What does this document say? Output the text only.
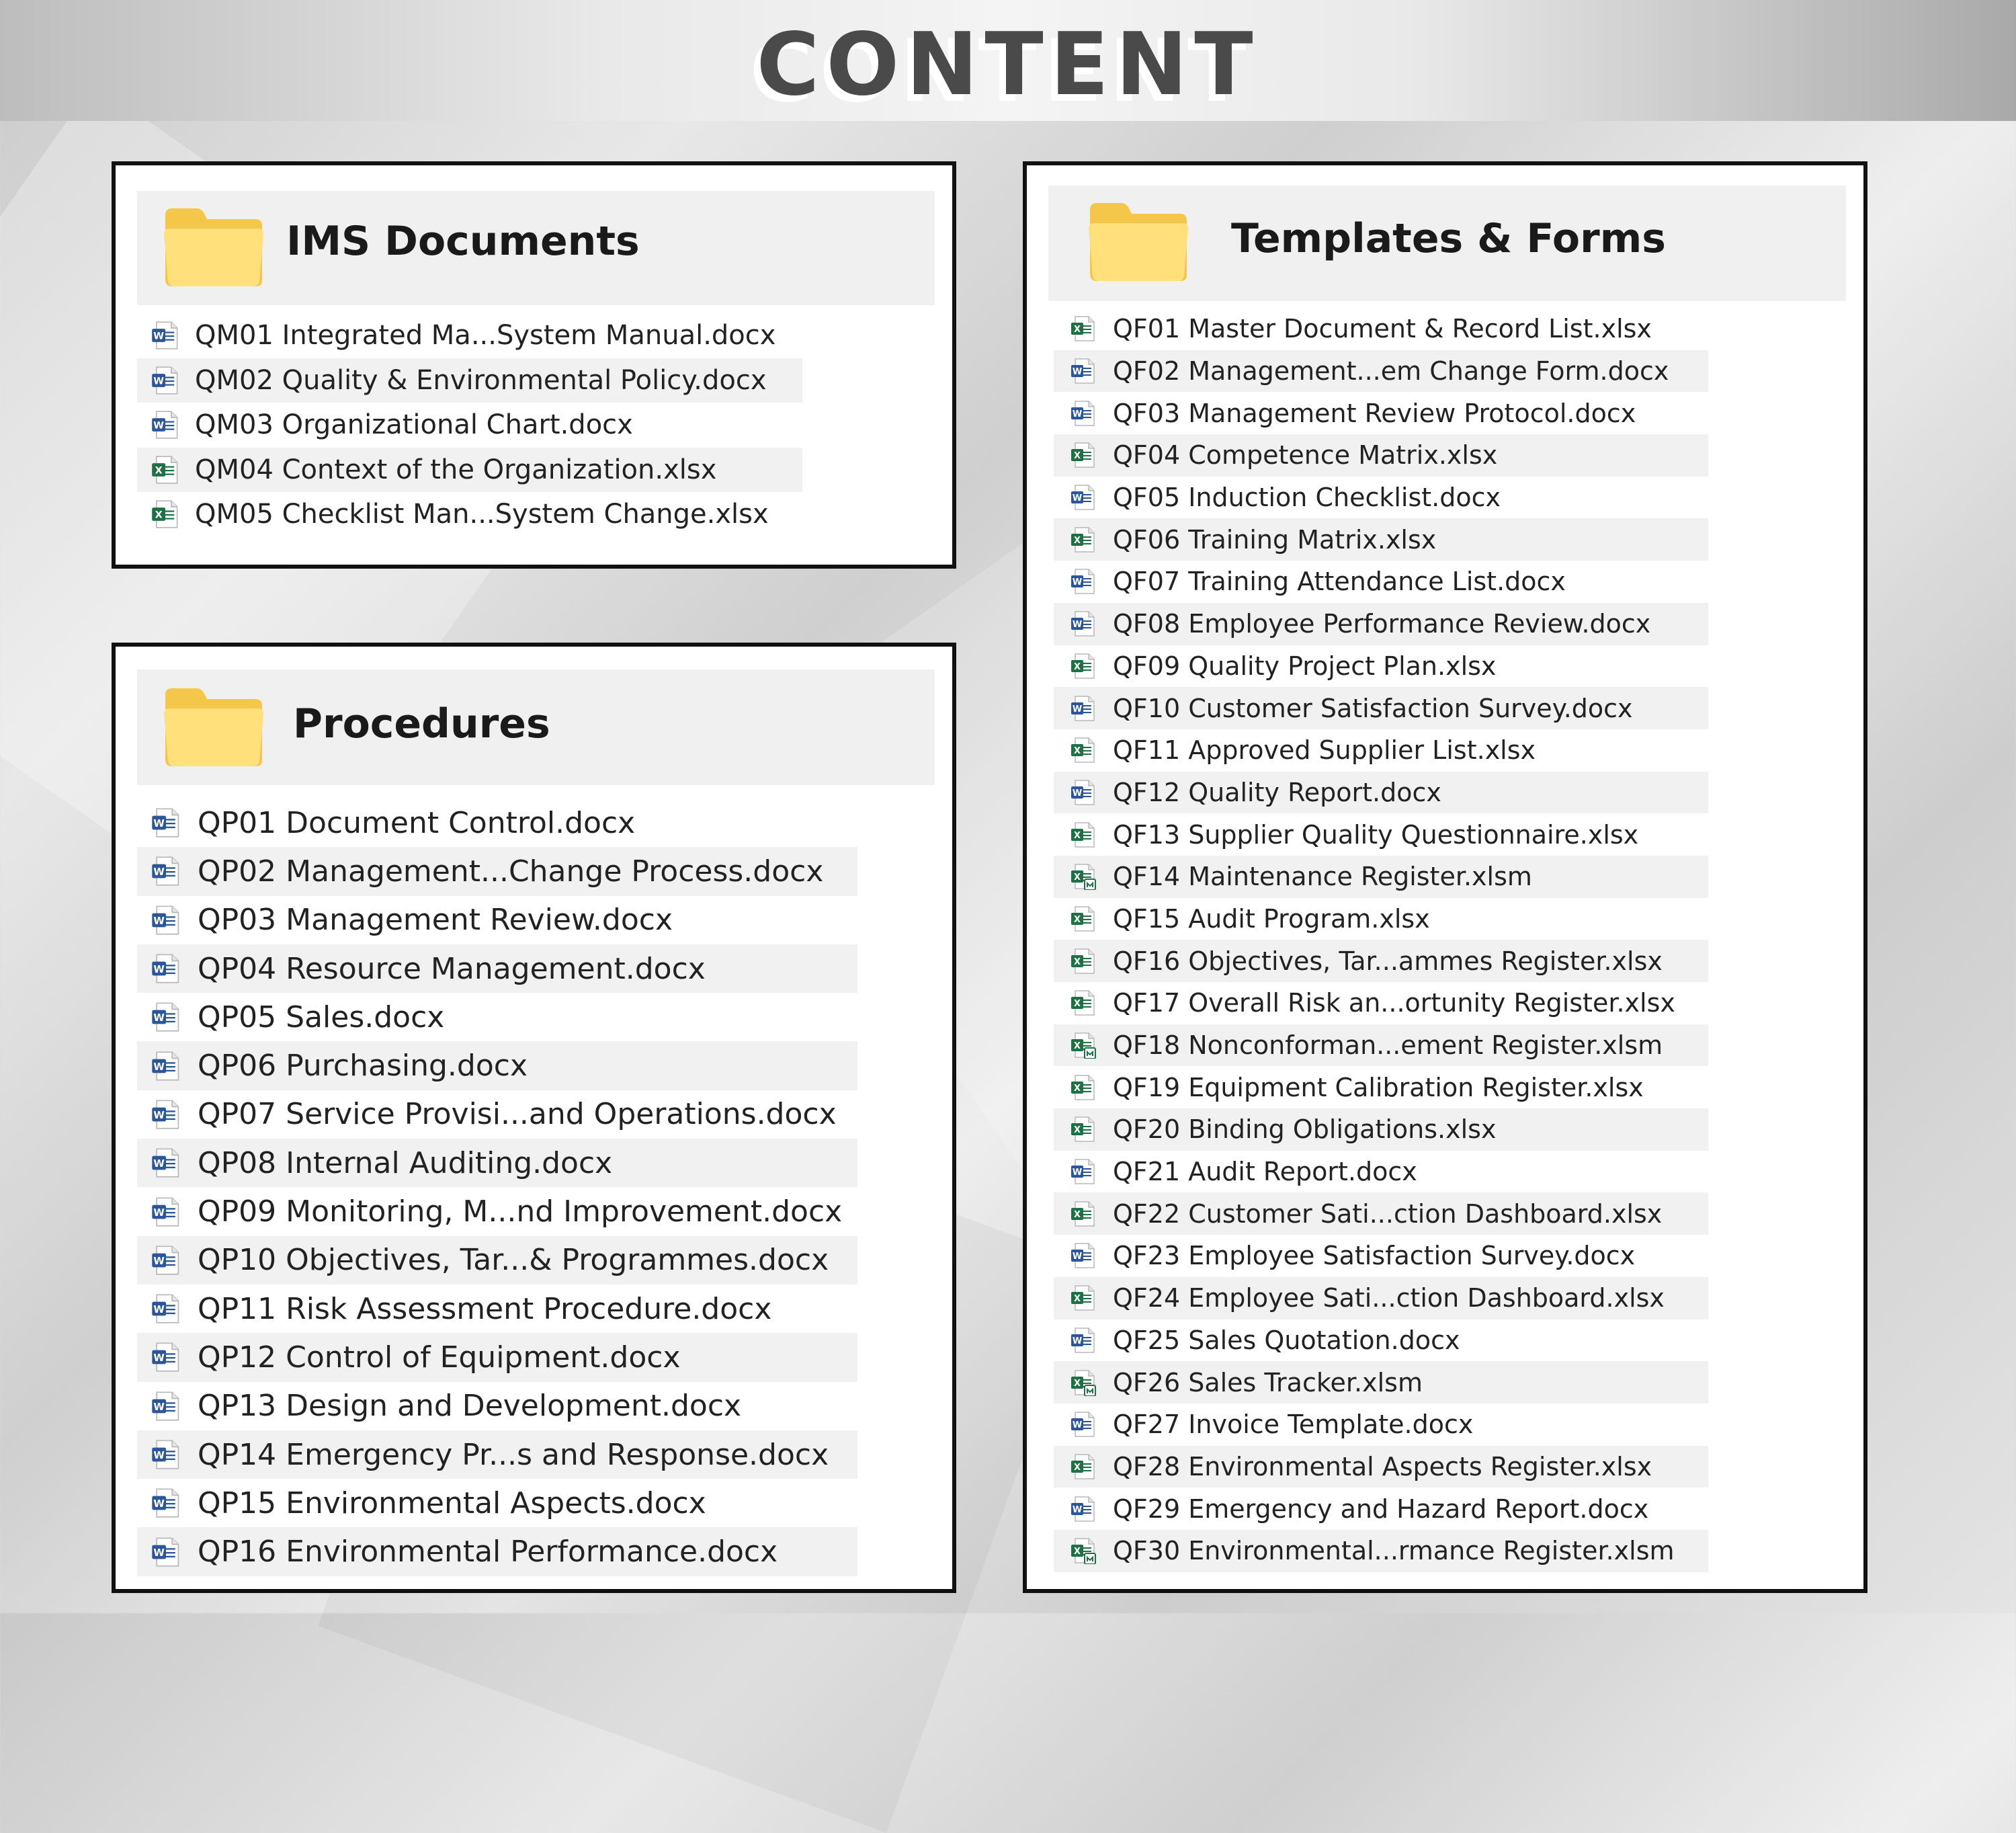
CONTENT
IMS Documents
W QM01 Integrated Ma...System Manual.docx
W QM02 Quality & Environmental Policy.docx
W QM03 Organizational Chart.docx
X QM04 Context of the Organization.xlsx
X QM05 Checklist Man...System Change.xlsx
Procedures
W QP01 Document Control.docx
W QP02 Management...Change Process.docx
W QP03 Management Review.docx
W QP04 Resource Management.docx
W QP05 Sales.docx
W QP06 Purchasing.docx
W QP07 Service Provisi...and Operations.docx
W QP08 Internal Auditing.docx
W QP09 Monitoring, M...nd Improvement.docx
W QP10 Objectives, Tar...& Programmes.docx
W QP11 Risk Assessment Procedure.docx
W QP12 Control of Equipment.docx
W QP13 Design and Development.docx
W QP14 Emergency Pr...s and Response.docx
W QP15 Environmental Aspects.docx
W QP16 Environmental Performance.docx
Templates & Forms
X QF01 Master Document & Record List.xlsx
W QF02 Management...em Change Form.docx
W QF03 Management Review Protocol.docx
X QF04 Competence Matrix.xlsx
W QF05 Induction Checklist.docx
X QF06 Training Matrix.xlsx
W QF07 Training Attendance List.docx
W QF08 Employee Performance Review.docx
X QF09 Quality Project Plan.xlsx
W QF10 Customer Satisfaction Survey.docx
X QF11 Approved Supplier List.xlsx
W QF12 Quality Report.docx
X QF13 Supplier Quality Questionnaire.xlsx
X QF14 Maintenance Register.xlsm
X QF15 Audit Program.xlsx
X QF16 Objectives, Tar...ammes Register.xlsx
X QF17 Overall Risk an...ortunity Register.xlsx
X QF18 Nonconforman...ement Register.xlsm
X QF19 Equipment Calibration Register.xlsx
X QF20 Binding Obligations.xlsx
W QF21 Audit Report.docx
X QF22 Customer Sati...ction Dashboard.xlsx
W QF23 Employee Satisfaction Survey.docx
X QF24 Employee Sati...ction Dashboard.xlsx
W QF25 Sales Quotation.docx
X QF26 Sales Tracker.xlsm
W QF27 Invoice Template.docx
X QF28 Environmental Aspects Register.xlsx
W QF29 Emergency and Hazard Report.docx
X QF30 Environmental...rmance Register.xlsm
